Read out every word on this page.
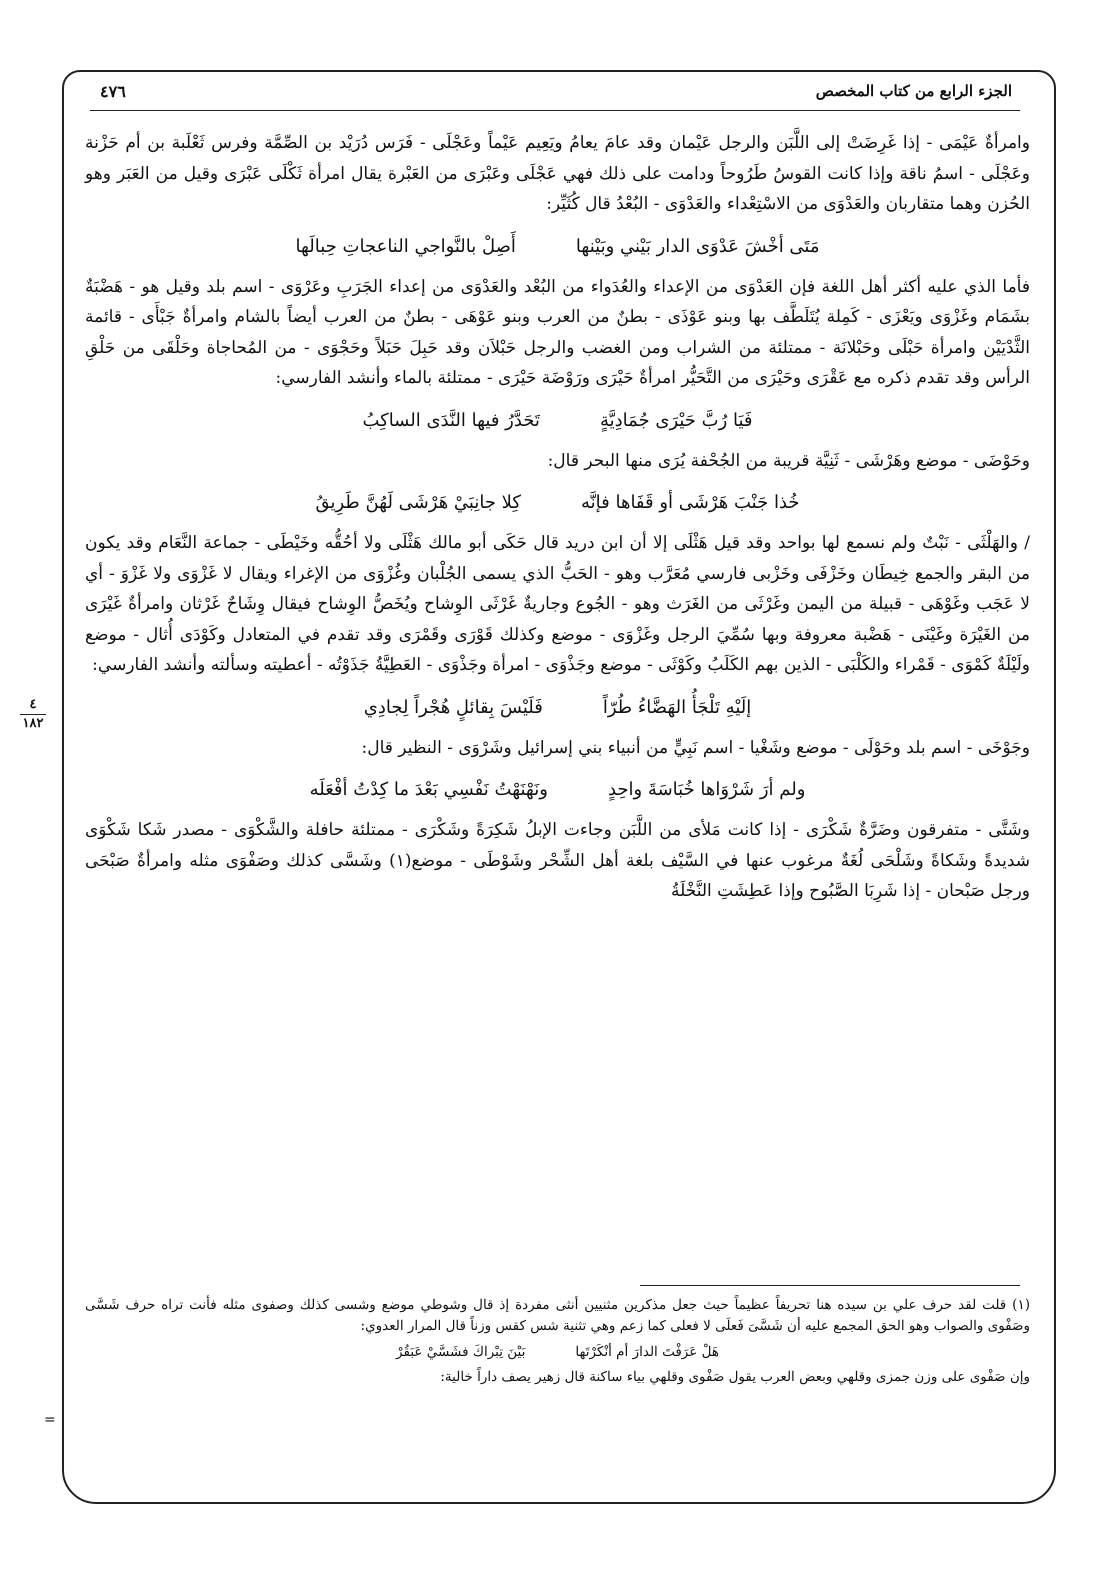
الجزء الرابع من كتاب المخصص
٤٧٦
٤
١٨٢

وامرأةٌ عَيْمَى - إذا غَرِضَتْ إلى اللَّبَن والرجل عَيْمان وقد عامَ يعامُ ويَعِيم عَيْماً وعَجْلَى - فَرَس دُرَيْد بن الصِّمَّة وفرس ثَعْلَبة بن أم حَزْنة وعَجْلَى - اسمُ ناقة وإذا كانت القوسُ طَرُوحاً ودامت على ذلك فهي عَجْلَى وعَبْرَى من العَبْرة يقال امرأة ثَكْلَى عَبْرَى وقيل من العَبَر وهو الحُزن وهما متقاربان والعَدْوَى من الاسْتِعْداء والعَدْوَى - البُعْدُ قال كُثَيِّر:

مَتَى أخْشَ عَدْوَى الدار بَيْني وبَيْنها
أَصِلْ بالنَّواجي الناعجاتِ حِبالَها

فأما الذي عليه أكثر أهل اللغة فإن العَدْوَى من الإعداء والعُدَواء من البُعْد والعَدْوَى من إعداء الجَرَبِ وعَرْوَى - اسم بلد وقيل هو - هَضْبَةٌ بشَمَام وغَزْوَى ويَعْزَى - كَمِلة يُتَلَطَّف بها وبنو عَوْذَى - بطنٌ من العرب وبنو عَوْهَى - بطنٌ من العرب أيضاً بالشام وامرأةٌ جَبْأَى - قائمة الثَّدْيَيْن وامرأة حَبْلَى وحَبْلانَة - ممتلئة من الشراب ومن الغضب والرجل حَبْلاَن وقد حَبِلَ حَبَلاً وحَجْوَى - من المُحاجاة وحَلْقَى من حَلْقِ الرأس وقد تقدم ذكره مع عَقْرَى وحَيْرَى من التَّحَيُّر امرأةٌ حَيْرَى ورَوْضَة حَيْرَى - ممتلئة بالماء وأنشد الفارسي:

فَيَا رُبَّ حَيْرَى جُمَادِيَّةٍ
تَحَدَّرُ فيها النَّدَى الساكِبُ

وحَوْضَى - موضع وهَرْشَى - ثَنِيَّة قريبة من الجُحْفة يُرَى منها البحر قال:

خُذا جَنْبَ هَرْشَى أو قَفَاها فإنَّه
كِلا جانِبَيْ هَرْشَى لَهُنَّ طَرِيقُ

/ والهَلْثَى - نَبْتٌ ولم نسمع لها بواحد وقد قيل هَثْلَى إلا أن ابن دريد قال حَكَى أبو مالك هَثْلَى ولا أحُقُّه وخَيْطَى - جماعة النَّعَام وقد يكون من البقر والجمع خِيطَان وخَزْفَى وخَزْبى فارسي مُعَرَّب وهو - الحَبُّ الذي يسمى الجُلْبان وغُزْوَى من الإغراء ويقال لا غَزْوَى ولا غَزْوَ - أي لا عَجَب وغَوْهَى - قبيلة من اليمن وغَرْثَى من الغَرَث وهو - الجُوع وجاريةٌ غَرْثَى الوِشاح ويُخَصُّ الوِشاح فيقال وِشَاحٌ غَرْثان وامرأةٌ غَيْرَى من الغَيْرَة وغَيْنَى - هَضْبة معروفة وبها سُمِّيَ الرجل وغَزْوَى - موضع وكذلك قَوْرَى وقَمْرَى وقد تقدم في المتعادل وكَوْدَى أُثال - موضع ولَيْلَةٌ كَمْوَى - قَمْراء والكَلْبَى - الذين بهم الكَلَبُ وكَوْثَى - موضع وجَذْوَى - امرأة وجَذْوَى - العَطِيَّةُ جَذَوْتُه - أعطيته وسألته وأنشد الفارسي:

إلَيْهِ تَلْجَأُ الهَضَّاءُ طُرّاً
فَلَيْسَ بِقائلٍ هُجْراً لِجادِي

وجَوْخَى - اسم بلد وحَوْلَى - موضع وشَغْيا - اسم نَبِيٍّ من أنبياء بني إسرائيل وشَرْوَى - النظير قال:

ولم أرَ شَرْوَاها خُبَاسَةَ واحِدٍ
ونَهْنَهْتُ نَفْسِي بَعْدَ ما كِدْتُ أفْعَلَه

وشَتَّى - متفرقون وضَرَّةٌ شَكْرَى - إذا كانت مَلأى من اللَّبَن وجاءت الإبلُ شَكِرَةً وشَكْرَى - ممتلئة حافلة والشَّكْوَى - مصدر شَكا شَكْوَى شديدةً وشَكاةً وشَلْحَى لُغَةٌ مرغوب عنها في السَّيْف بلغة أهل الشِّحْر وشَوْطَى - موضع(١) وشَسَّى كذلك وصَفْوَى مثله وامرأةٌ صَبْحَى ورجل صَبْحان - إذا شَرِبَا الصَّبُوح وإذا عَطِشَتِ النَّخْلَةُ

(١) قلت لقد حرف علي بن سيده هنا تحريفاً عظيماً حيث جعل مذكرين مثنيين أنثى مفردة إذ قال وشوطي موضع وشسى كذلك وصفوى مثله فأنت تراه حرف شَسَّى وصَفْوى والصواب وهو الحق المجمع عليه أن شَسَّىَ فَعلَى لا فعلى كما زعم وهي تثنية شس كقس وزناً قال المرار العدوي:

هَلْ عَرَفْتَ الدارَ أم أنْكَرْتَها
بَيْنَ تِبْراكَ فشَسَّيْ عَبَقُرْ

وإن صَفْوى على وزن جمزى وقلهي وبعض العرب يقول صَفْوى وقلهي بياء ساكنة قال زهير يصف داراً خالية:

=
